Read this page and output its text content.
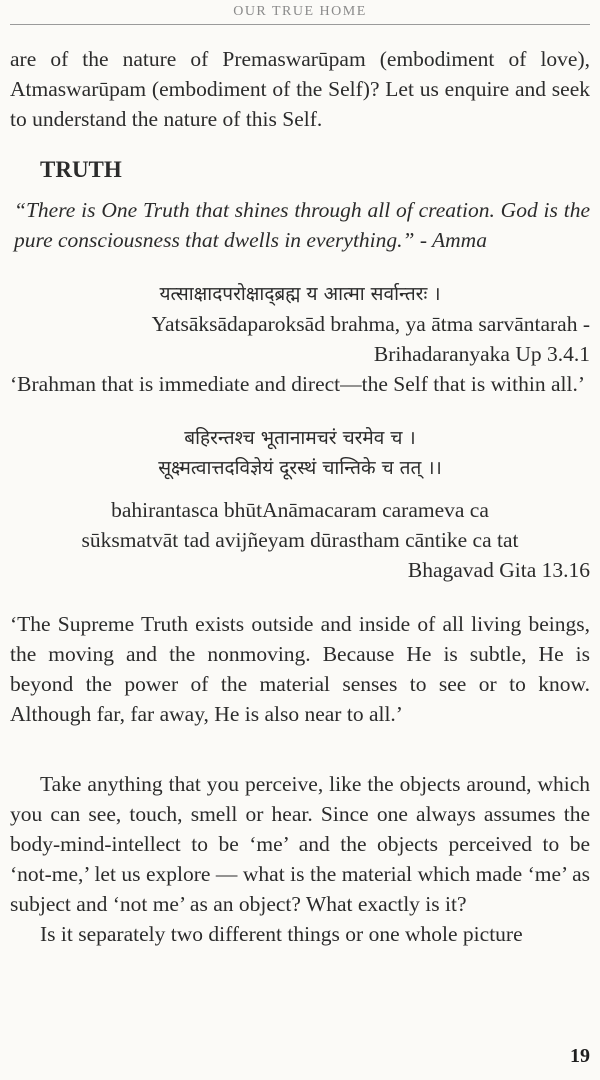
OUR TRUE HOME

are of the nature of Premaswarūpam (embodiment of love), Atmaswarūpam (embodiment of the Self)? Let us enquire and seek to understand the nature of this Self.

TRUTH

“There is One Truth that shines through all of creation. God is the pure consciousness that dwells in everything.” - Amma

यत्साक्षादपरोक्षाद्ब्रह्म य आत्मा सर्वान्तरः ।

Yatsāksādaparoksād brahma, ya ātma sarvāntarah -

Brihadaranyaka Up 3.4.1

‘Brahman that is immediate and direct—the Self that is within all.’

बहिरन्तश्च भूतानामचरं चरमेव च ।

सूक्ष्मत्वात्तदविज्ञेयं दूरस्थं चान्तिके च तत् ।।

bahirantasca bhūtAnāmacaram carameva ca

sūksmatvāt tad avijñeyam dūrastham cāntike ca tat

Bhagavad Gita 13.16

‘The Supreme Truth exists outside and inside of all living beings, the moving and the nonmoving. Because He is subtle, He is beyond the power of the material senses to see or to know. Although far, far away, He is also near to all.’

Take anything that you perceive, like the objects around, which you can see, touch, smell or hear. Since one always assumes the body-mind-intellect to be ‘me’ and the objects perceived to be ‘not-me,’ let us explore — what is the material which made ‘me’ as subject and ‘not me’ as an object? What exactly is it?

Is it separately two different things or one whole picture

19
